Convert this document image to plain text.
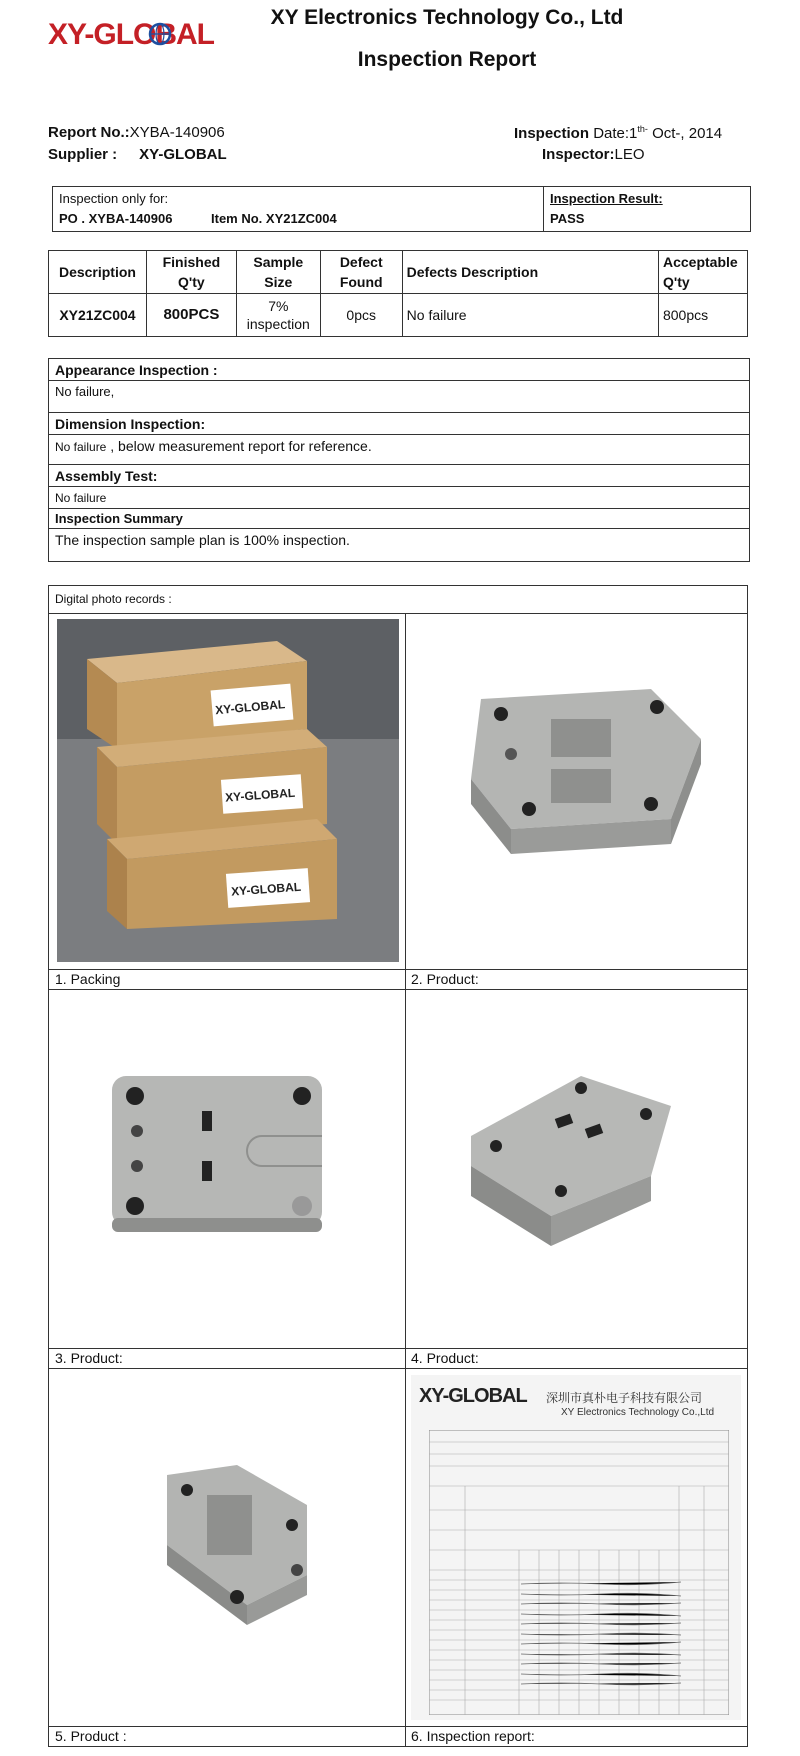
XY-GLOBAL
XY Electronics Technology Co., Ltd
Inspection Report
Report No.:XYBA-140906
Supplier : XY-GLOBAL
Inspection $Date:1^{th-}$ Oct-, 2014
Inspector:LEO
Inspection only for:
PO . XYBA-140906	Item No. XY21ZC004
Inspection Result:
PASS
Description	Finished Q'ty	Sample Size	Defect Found	Defects Description	Acceptable Q'ty
XY21ZC004	800PCS	7% inspection	0pcs	No failure	800pcs
Appearance Inspection :
No failure,
Dimension Inspection:
No failure , below measurement report for reference.
Assembly Test:
No failure
Inspection Summary
The inspection sample plan is 100% inspection.
Digital photo records :
XY-GLOBAL
XY-GLOBAL
XY-GLOBAL
1. Packing	2. Product:
3. Product:	4. Product:
XY-GLOBAL 深圳市真朴电子科技有限公司
XY Electronics Technology Co.,Ltd
5. Product :	6. Inspection report:
